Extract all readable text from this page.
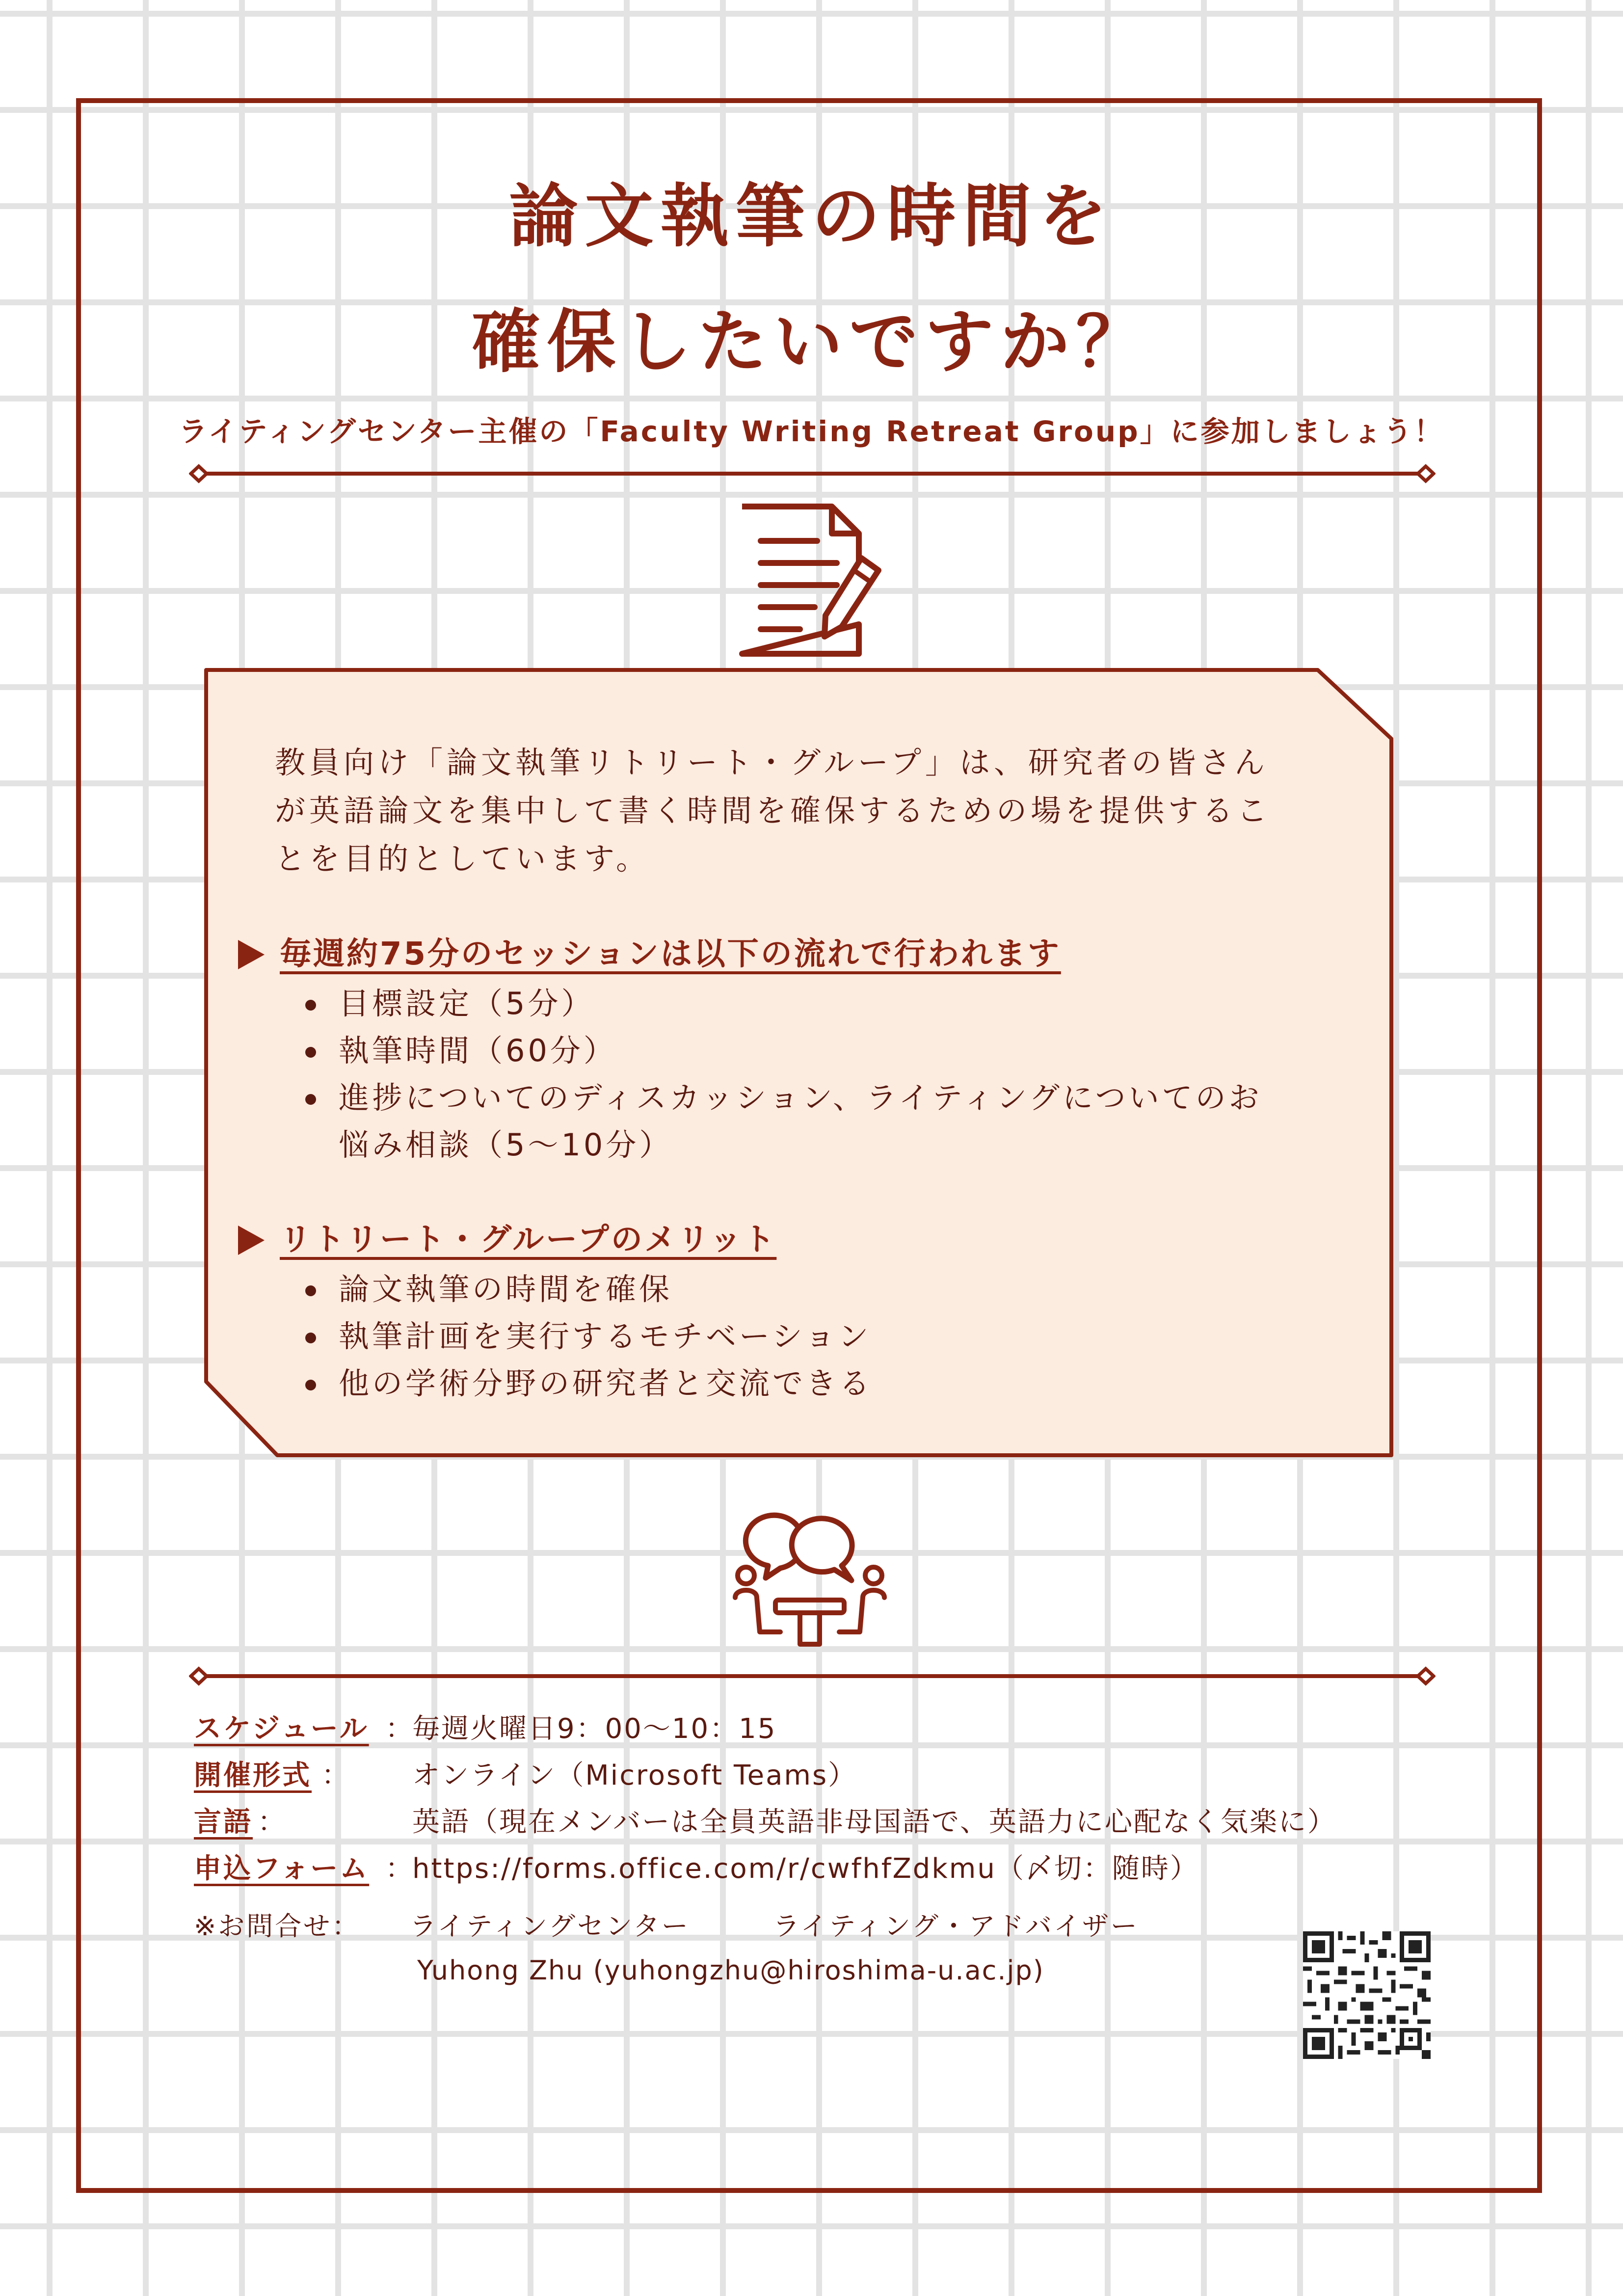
論文執筆の時間を
確保したいですか？
ライティングセンター主催の「Faculty Writing Retreat Group」に参加しましょう！

教員向け「論文執筆リトリート・グループ」は、研究者の皆さん
が英語論文を集中して書く時間を確保するための場を提供するこ
とを目的としています。

毎週約75分のセッションは以下の流れで行われます
目標設定（5分）
執筆時間（60分）
進捗についてのディスカッション、ライティングについてのお
悩み相談（5～10分）
リトリート・グループのメリット
論文執筆の時間を確保
執筆計画を実行するモチベーション
他の学術分野の研究者と交流できる
スケジュール ： 毎週火曜日9：00～10：15
開催形式 ： オンライン（Microsoft Teams）
言語 ：	英語（現在メンバーは全員英語非母国語で、英語力に心配なく気楽に）
申込フォーム ： https://forms.office.com/r/cwfhfZdkmu（〆切：随時）
※お問合せ： ライティングセンター	ライティング・アドバイザー
Yuhong Zhu (yuhongzhu@hiroshima-u.ac.jp)
